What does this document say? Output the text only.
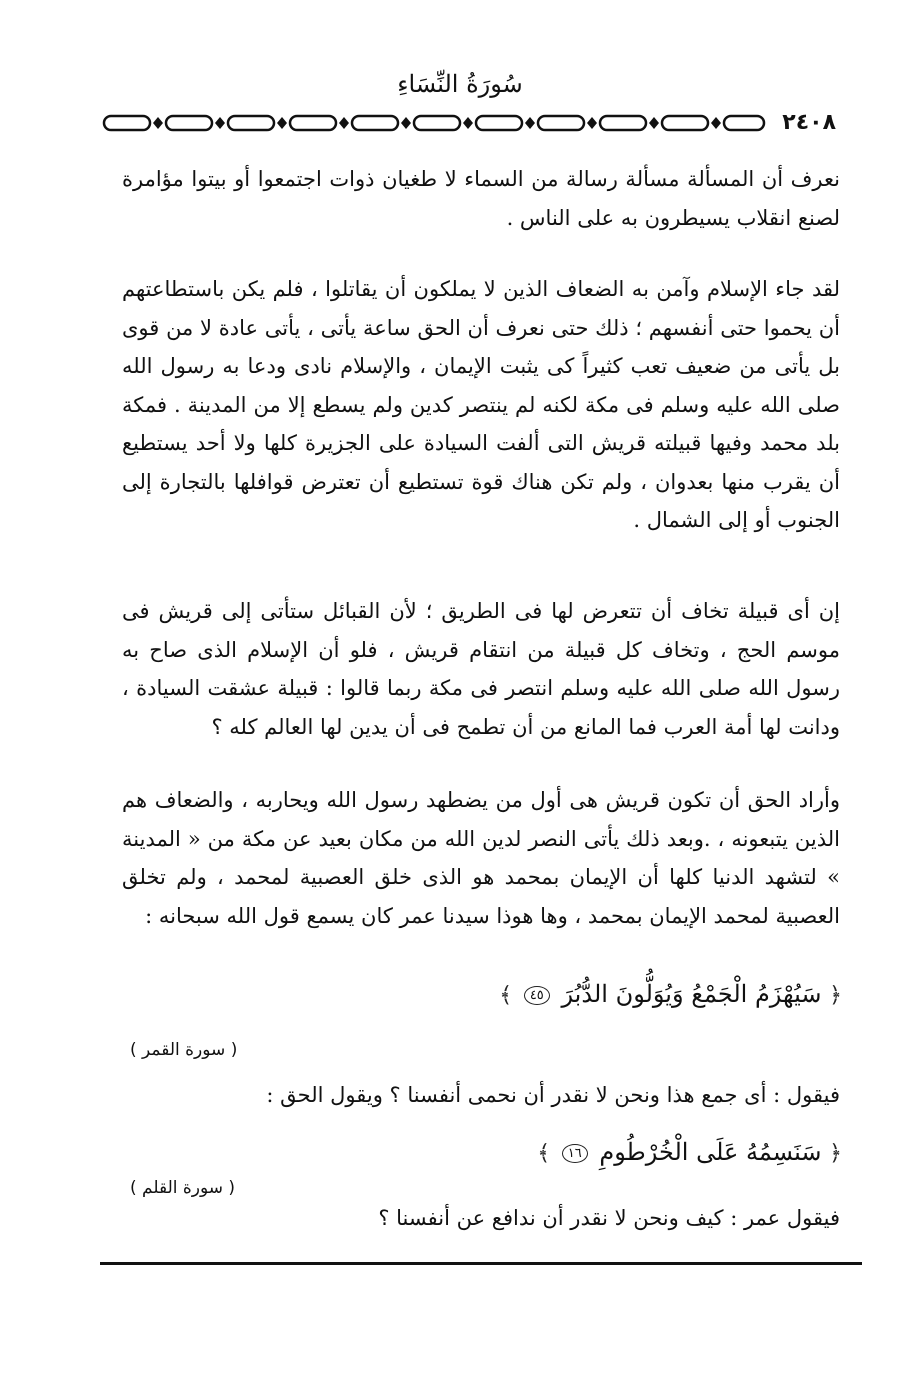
سُورَةُ النِّسَاءِ
٢٤٠٨

نعرف أن المسألة مسألة رسالة من السماء لا طغيان ذوات اجتمعوا أو بيتوا مؤامرة لصنع انقلاب يسيطرون به على الناس .

لقد جاء الإسلام وآمن به الضعاف الذين لا يملكون أن يقاتلوا ، فلم يكن باستطاعتهم أن يحموا حتى أنفسهم ؛ ذلك حتى نعرف أن الحق ساعة يأتى ، يأتى عادة لا من قوى بل يأتى من ضعيف تعب كثيراً كى يثبت الإيمان ، والإسلام نادى ودعا به رسول الله صلى الله عليه وسلم فى مكة لكنه لم ينتصر كدين ولم يسطع إلا من المدينة . فمكة بلد محمد وفيها قبيلته قريش التى ألفت السيادة على الجزيرة كلها ولا أحد يستطيع أن يقرب منها بعدوان ، ولم تكن هناك قوة تستطيع أن تعترض قوافلها بالتجارة إلى الجنوب أو إلى الشمال .

إن أى قبيلة تخاف أن تتعرض لها فى الطريق ؛ لأن القبائل ستأتى إلى قريش فى موسم الحج ، وتخاف كل قبيلة من انتقام قريش ، فلو أن الإسلام الذى صاح به رسول الله صلى الله عليه وسلم انتصر فى مكة ربما قالوا : قبيلة عشقت السيادة ، ودانت لها أمة العرب فما المانع من أن تطمح فى أن يدين لها العالم كله ؟

وأراد الحق أن تكون قريش هى أول من يضطهد رسول الله ويحاربه ، والضعاف هم الذين يتبعونه ، .وبعد ذلك يأتى النصر لدين الله من مكان بعيد عن مكة من « المدينة » لتشهد الدنيا كلها أن الإيمان بمحمد هو الذى خلق العصبية لمحمد ، ولم تخلق العصبية لمحمد الإيمان بمحمد ، وها هوذا سيدنا عمر كان يسمع قول الله سبحانه :

﴿ سَيُهْزَمُ الْجَمْعُ وَيُوَلُّونَ الدُّبُرَ ٤٥ ﴾
( سورة القمر )

فيقول : أى جمع هذا ونحن لا نقدر أن نحمى أنفسنا ؟ ويقول الحق :

﴿ سَنَسِمُهُ عَلَى الْخُرْطُومِ ١٦ ﴾
( سورة القلم )

فيقول عمر : كيف ونحن لا نقدر أن ندافع عن أنفسنا ؟
